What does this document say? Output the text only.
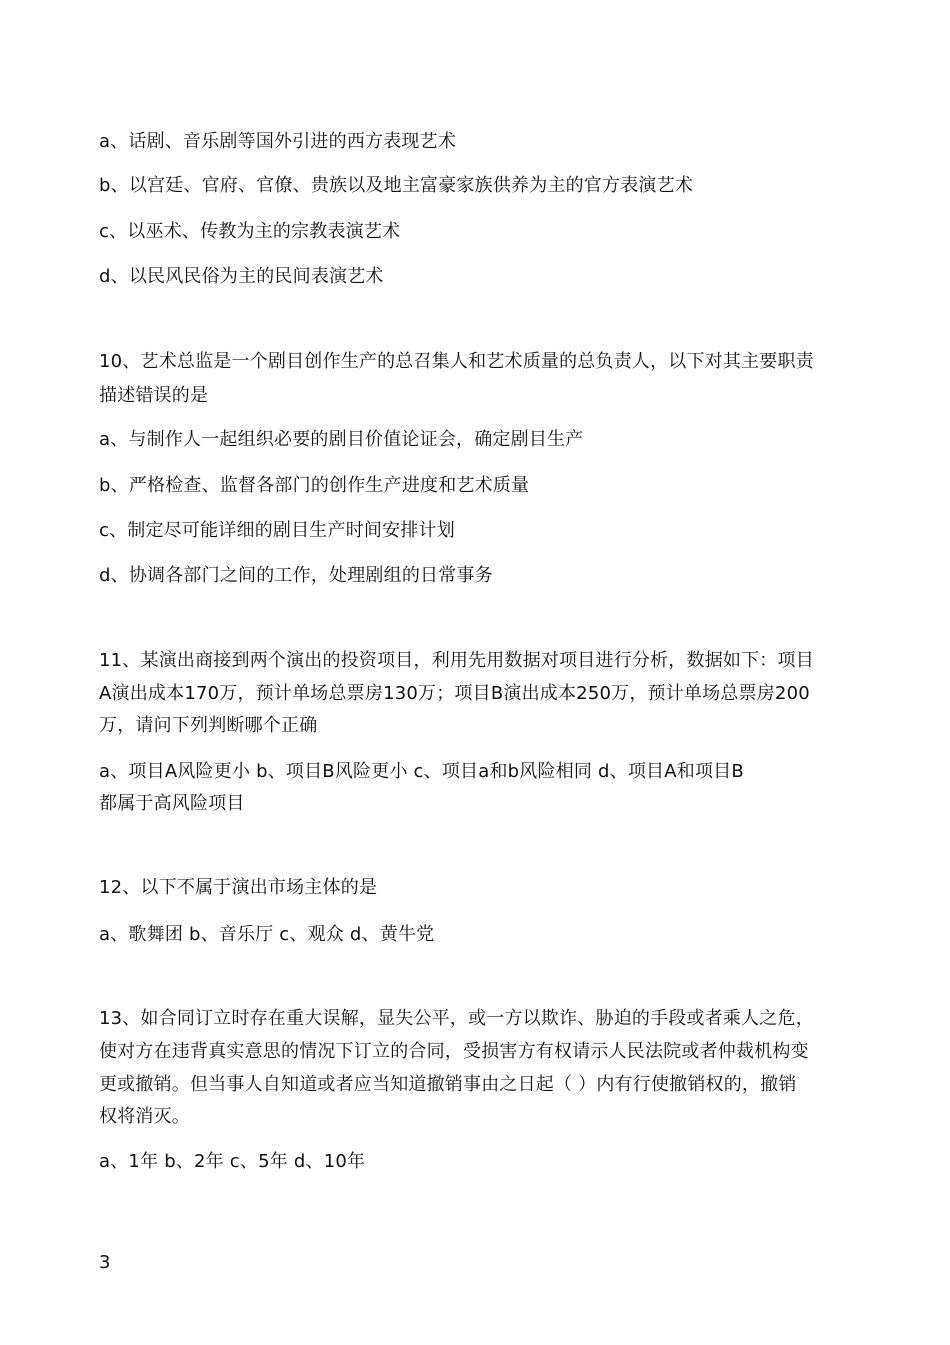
a、话剧、音乐剧等国外引进的西方表现艺术
b、以宫廷、官府、官僚、贵族以及地主富豪家族供养为主的官方表演艺术
c、以巫术、传教为主的宗教表演艺术
d、以民风民俗为主的民间表演艺术
10、艺术总监是一个剧目创作生产的总召集人和艺术质量的总负责人，以下对其主要职责
描述错误的是
a、与制作人一起组织必要的剧目价值论证会，确定剧目生产
b、严格检查、监督各部门的创作生产进度和艺术质量
c、制定尽可能详细的剧目生产时间安排计划
d、协调各部门之间的工作，处理剧组的日常事务
11、某演出商接到两个演出的投资项目，利用先用数据对项目进行分析，数据如下：项目
A演出成本170万，预计单场总票房130万；项目B演出成本250万，预计单场总票房200
万，请问下列判断哪个正确
a、项目A风险更小 b、项目B风险更小 c、项目a和b风险相同 d、项目A和项目B
都属于高风险项目
12、以下不属于演出市场主体的是
a、歌舞团 b、音乐厅 c、观众 d、黄牛党
13、如合同订立时存在重大误解，显失公平，或一方以欺诈、胁迫的手段或者乘人之危，
使对方在违背真实意思的情况下订立的合同，受损害方有权请示人民法院或者仲裁机构变
更或撤销。但当事人自知道或者应当知道撤销事由之日起（ ）内有行使撤销权的，撤销
权将消灭。
a、1年 b、2年 c、5年 d、10年
3
